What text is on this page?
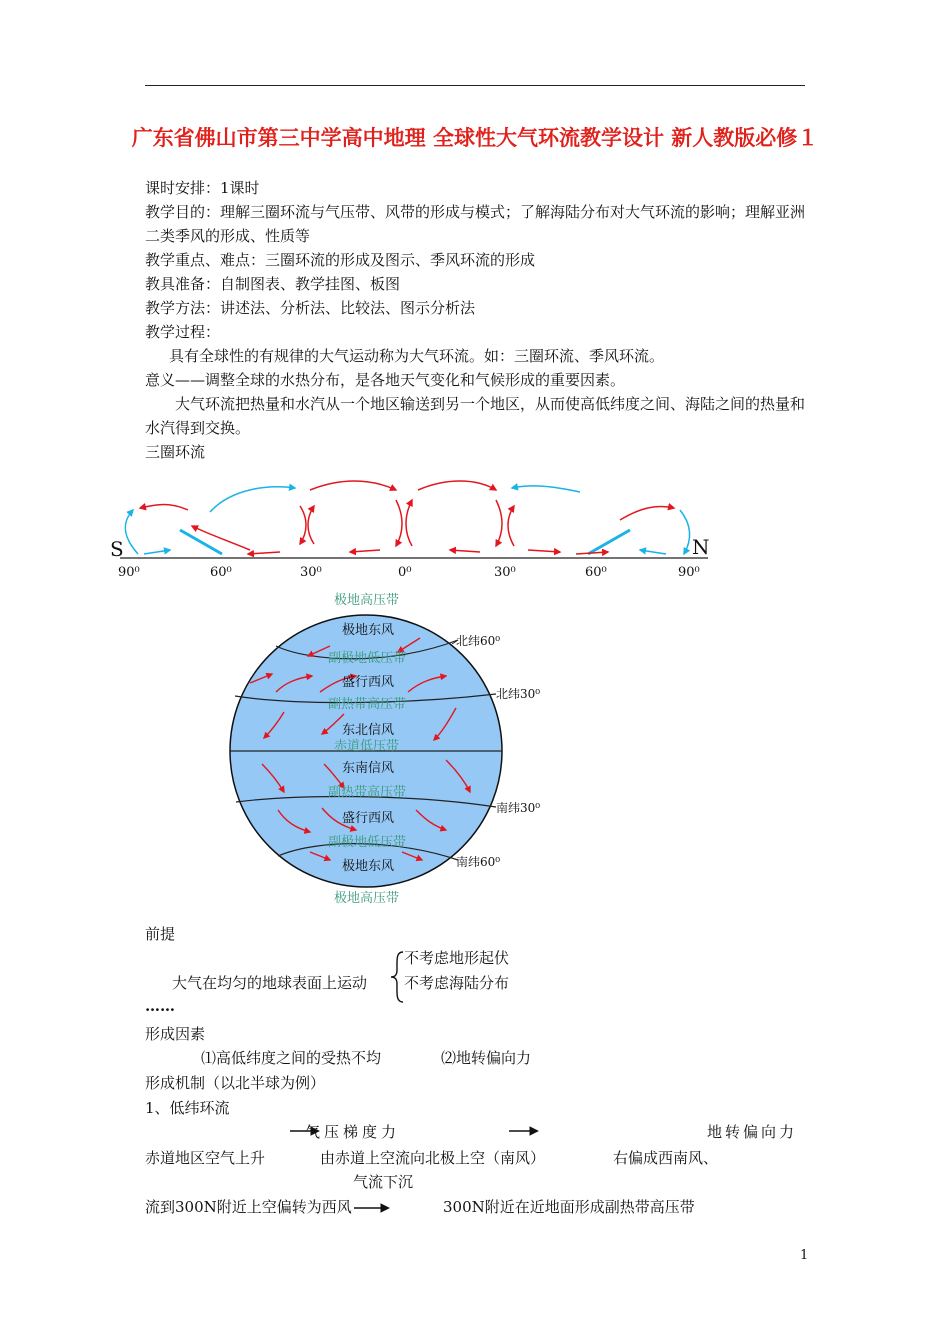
广东省佛山市第三中学高中地理 全球性大气环流教学设计 新人教版必修１
课时安排：1课时
教学目的：理解三圈环流与气压带、风带的形成与模式；了解海陆分布对大气环流的影响；理解亚洲二类季风的形成、性质等
教学重点、难点：三圈环流的形成及图示、季风环流的形成
教具准备：自制图表、教学挂图、板图
教学方法：讲述法、分析法、比较法、图示分析法
教学过程：
具有全球性的有规律的大气运动称为大气环流。如：三圈环流、季风环流。
意义——调整全球的水热分布，是各地天气变化和气候形成的重要因素。
大气环流把热量和水汽从一个地区输送到另一个地区，从而使高低纬度之间、海陆之间的热量和水汽得到交换。
三圈环流
S	N
90⁰	60⁰	30⁰	0⁰	30⁰	60⁰	90⁰
极地高压带
极地东风
副极地低压带
盛行西风
副热带高压带
东北信风
赤道低压带
东南信风
副热带高压带
盛行西风
副极地低压带
极地东风
极地高压带
北纬60⁰
北纬30⁰
南纬30⁰
南纬60⁰
前提
大气在均匀的地球表面上运动
不考虑地形起伏
不考虑海陆分布
……
形成因素
⑴高低纬度之间的受热不均	⑵地转偏向力
形成机制（以北半球为例）
1、低纬环流
气压梯度力	地转偏向力
赤道地区空气上升	由赤道上空流向北极上空（南风）	右偏成西南风、
气流下沉
流到300N附近上空偏转为西风	300N附近在近地面形成副热带高压带
1
